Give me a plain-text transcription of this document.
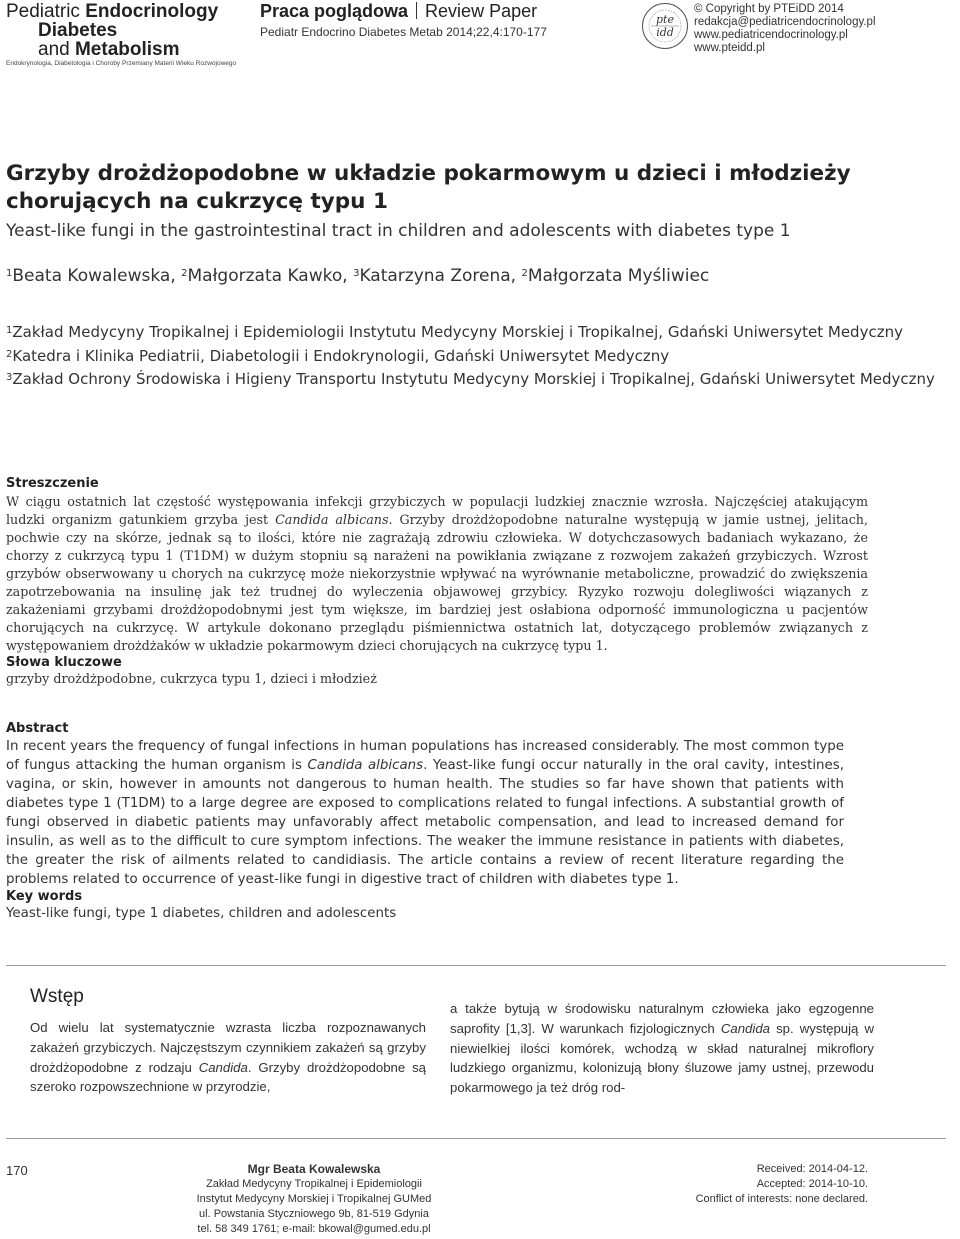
Pediatric Endocrinology
Diabetes
and Metabolism
Endokrynologia, Diabetologia i Choroby Przemiany Materii Wieku Rozwojowego
Praca poglądowa Review Paper
Pediatr Endocrino Diabetes Metab 2014;22,4:170-177
pte
idd
© Copyright by PTEiDD 2014
redakcja@pediatricendocrinology.pl
www.pediatricendocrinology.pl
www.pteidd.pl
Grzyby drożdżopodobne w układzie pokarmowym u dzieci i młodzieży
chorujących na cukrzycę typu 1
Yeast-like fungi in the gastrointestinal tract in children and adolescents with diabetes type 1
$^1$Beata Kowalewska, $^2$Małgorzata Kawko, $^3$Katarzyna Zorena, $^2$Małgorzata Myśliwiec
$^1$Zakład Medycyny Tropikalnej i Epidemiologii Instytutu Medycyny Morskiej i Tropikalnej, Gdański Uniwersytet Medyczny
$^2$Katedra i Klinika Pediatrii, Diabetologii i Endokrynologii, Gdański Uniwersytet Medyczny
$^3$Zakład Ochrony Środowiska i Higieny Transportu Instytutu Medycyny Morskiej i Tropikalnej, Gdański Uniwersytet Medyczny
Streszczenie
W ciągu ostatnich lat częstość występowania infekcji grzybiczych w populacji ludzkiej znacznie wzrosła. Najczęściej atakującym ludzki organizm gatunkiem grzyba jest Candida albicans. Grzyby drożdżopodobne naturalne występują w jamie ustnej, jelitach, pochwie czy na skórze, jednak są to ilości, które nie zagrażają zdrowiu człowieka. W dotychczasowych badaniach wykazano, że chorzy z cukrzycą typu 1 (T1DM) w dużym stopniu są narażeni na powikłania związane z rozwojem zakażeń grzybiczych. Wzrost grzybów obserwowany u chorych na cukrzycę może niekorzystnie wpływać na wyrównanie metaboliczne, prowadzić do zwiększenia zapotrzebowania na insulinę jak też trudnej do wyleczenia objawowej grzybicy. Ryzyko rozwoju dolegliwości wiązanych z zakażeniami grzybami drożdżopodobnymi jest tym większe, im bardziej jest osłabiona odporność immunologiczna u pacjentów chorujących na cukrzycę. W artykule dokonano przeglądu piśmiennictwa ostatnich lat, dotyczącego problemów związanych z występowaniem drożdżaków w układzie pokarmowym dzieci chorujących na cukrzycę typu 1.
Słowa kluczowe
grzyby drożdżpodobne, cukrzyca typu 1, dzieci i młodzież
Abstract
In recent years the frequency of fungal infections in human populations has increased considerably. The most common type of fungus attacking the human organism is Candida albicans. Yeast-like fungi occur naturally in the oral cavity, intestines, vagina, or skin, however in amounts not dangerous to human health. The studies so far have shown that patients with diabetes type 1 (T1DM) to a large degree are exposed to complications related to fungal infections. A substantial growth of fungi observed in diabetic patients may unfavorably affect metabolic compensation, and lead to increased demand for insulin, as well as to the difficult to cure symptom infections. The weaker the immune resistance in patients with diabetes, the greater the risk of ailments related to candidiasis. The article contains a review of recent literature regarding the problems related to occurrence of yeast-like fungi in digestive tract of children with diabetes type 1.
Key words
Yeast-like fungi, type 1 diabetes, children and adolescents
Wstęp
Od wielu lat systematycznie wzrasta liczba rozpoznawanych zakażeń grzybiczych. Najczęstszym czynnikiem zakażeń są grzyby drożdżopodobne z rodzaju Candida. Grzyby drożdżopodobne są szeroko rozpowszechnione w przyrodzie,
a także bytują w środowisku naturalnym człowieka jako egzogenne saprofity [1,3]. W warunkach fizjologicznych Candida sp. występują w niewielkiej ilości komórek, wchodzą w skład naturalnej mikroflory ludzkiego organizmu, kolonizują błony śluzowe jamy ustnej, przewodu pokarmowego ja też dróg rod-
170	Mgr Beata Kowalewska
Zakład Medycyny Tropikalnej i Epidemiologii
Instytut Medycyny Morskiej i Tropikalnej GUMed
ul. Powstania Styczniowego 9b, 81-519 Gdynia
tel. 58 349 1761; e-mail: bkowal@gumed.edu.pl
Received: 2014-04-12.
Accepted: 2014-10-10.
Conflict of interests: none declared.
